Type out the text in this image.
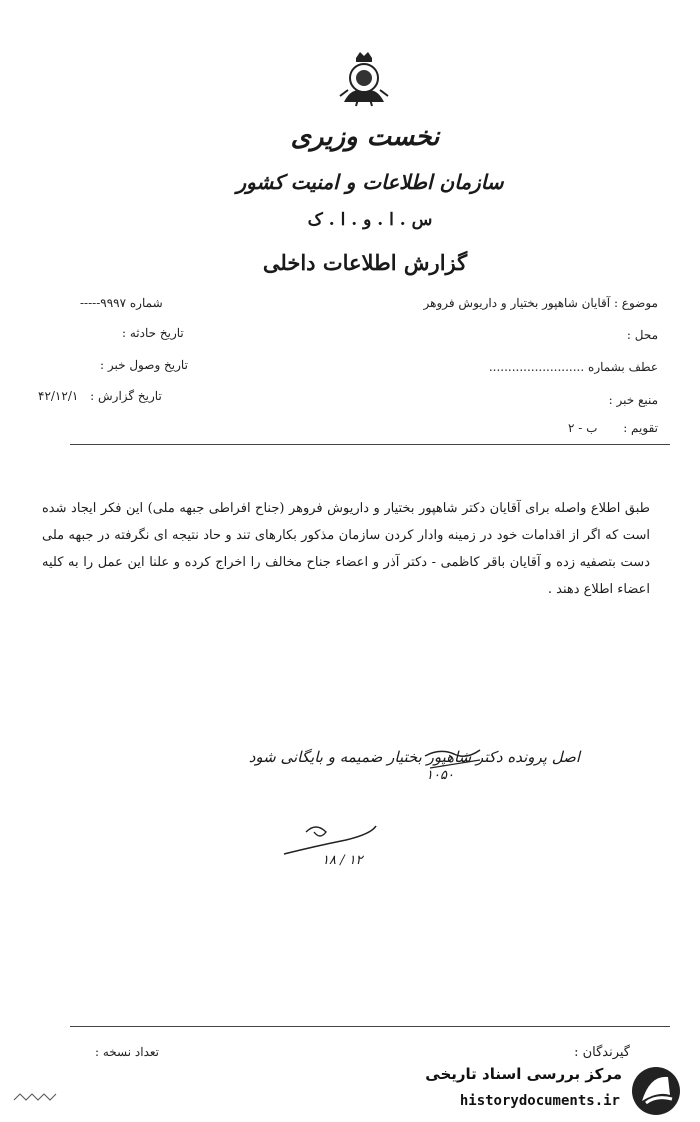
نخست وزیری
سازمان اطلاعات و امنیت کشور
س . ا . و . ا . ک
گزارش اطلاعات داخلی
موضوع : آقایان شاهپور بختیار و داریوش فروهر
محل :
عطف بشماره .........................
منبع خبر :
تقویم : ب - ۲
شماره ۹۹۹۷-----
تاریخ حادثه :
تاریخ وصول خبر :
تاریخ گزارش : ۴۲/۱۲/۱
طبق اطلاع واصله برای آقایان دکتر شاهپور بختیار و داریوش فروهر (جناح افراطی جبهه ملی) این فکر ایجاد شده است که اگر از اقدامات خود در زمینه وادار کردن سازمان مذکور بکارهای تند و حاد نتیجه ای نگرفته در جبهه ملی دست بتصفیه زده و آقایان باقر کاظمی - دکتر آذر و اعضاء جناح مخالف را اخراج کرده و علنا این عمل را به کلیه اعضاء اطلاع دهند .
اصل پرونده دکتر شاهپور بختیار ضمیمه و بایگانی شود
۱۰۵۰
۱۸ / ۱۲
گیرندگان :
تعداد نسخه :
مرکز بررسی اسناد تاریخی
historydocuments.ir
